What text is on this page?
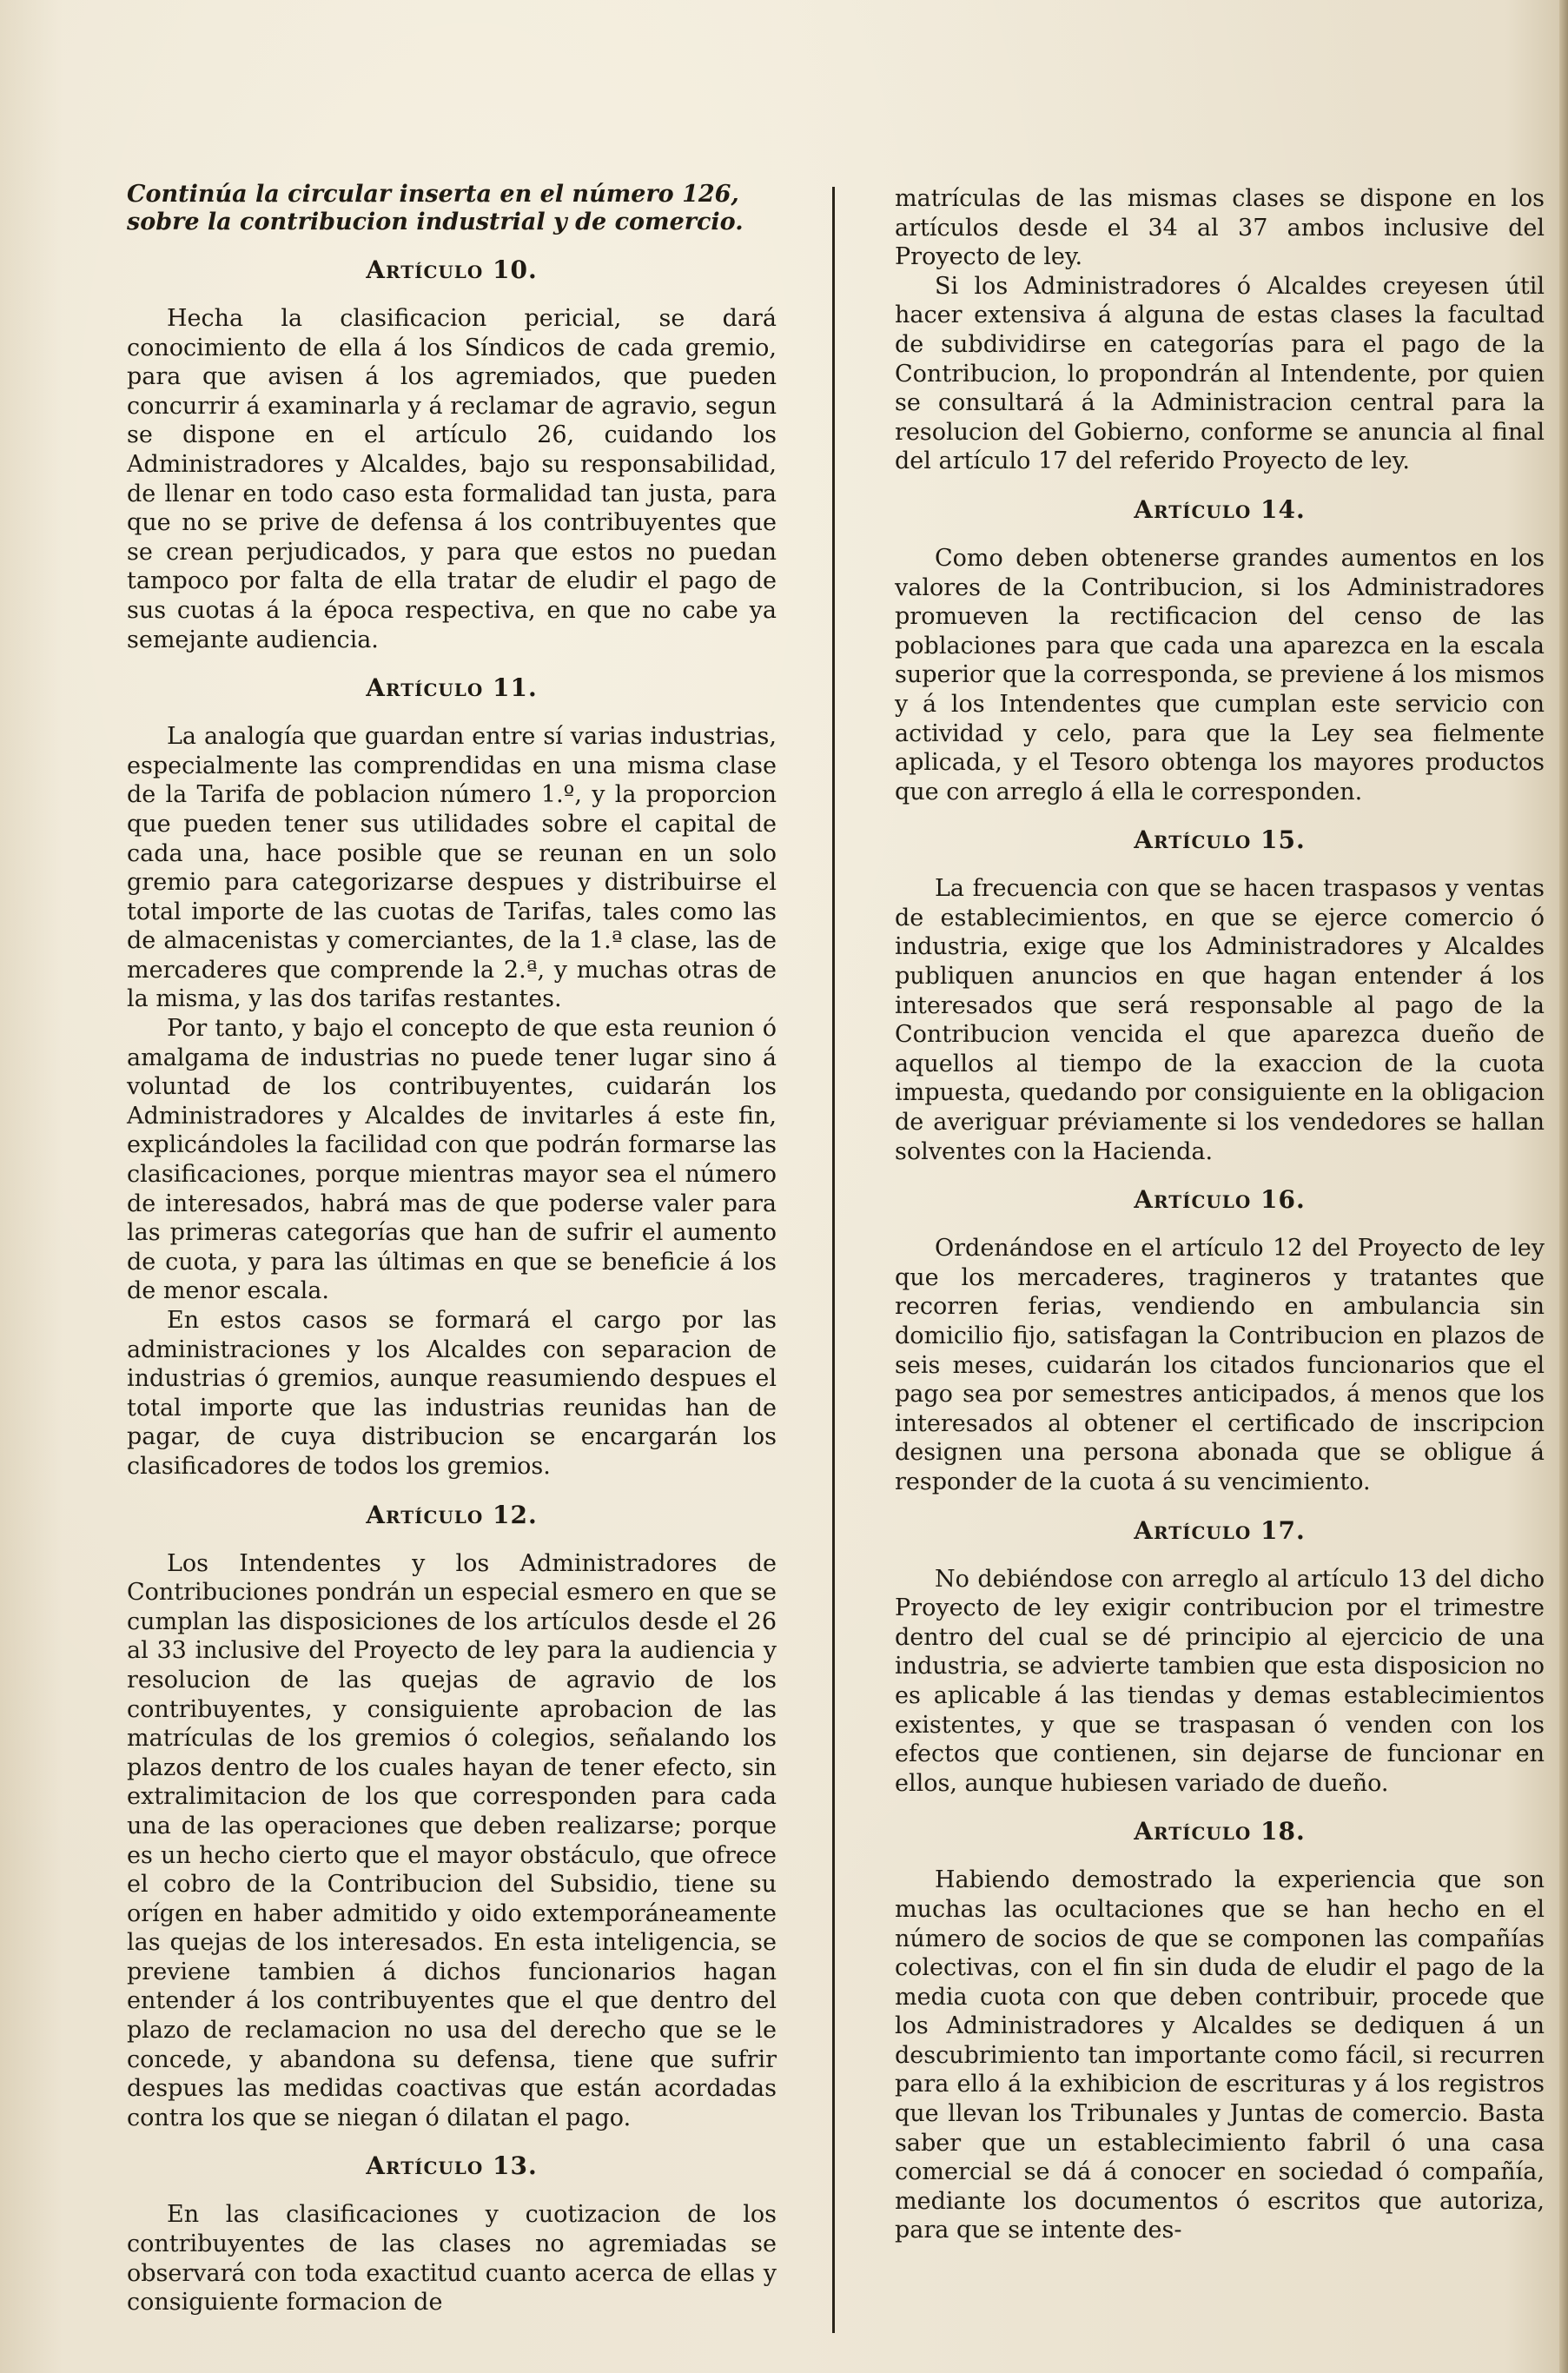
Continúa la circular inserta en el número 126, sobre la contribucion industrial y de comercio.
Artículo 10.

Hecha la clasificacion pericial, se dará conocimiento de ella á los Síndicos de cada gremio, para que avisen á los agremiados, que pueden concurrir á examinarla y á reclamar de agravio, segun se dispone en el artículo 26, cuidando los Administradores y Alcaldes, bajo su responsabilidad, de llenar en todo caso esta formalidad tan justa, para que no se prive de defensa á los contribuyentes que se crean perjudicados, y para que estos no puedan tampoco por falta de ella tratar de eludir el pago de sus cuotas á la época respectiva, en que no cabe ya semejante audiencia.

Artículo 11.

La analogía que guardan entre sí varias industrias, especialmente las comprendidas en una misma clase de la Tarifa de poblacion número 1.º, y la proporcion que pueden tener sus utilidades sobre el capital de cada una, hace posible que se reunan en un solo gremio para categorizarse despues y distribuirse el total importe de las cuotas de Tarifas, tales como las de almacenistas y comerciantes, de la 1.ª clase, las de mercaderes que comprende la 2.ª, y muchas otras de la misma, y las dos tarifas restantes.

Por tanto, y bajo el concepto de que esta reunion ó amalgama de industrias no puede tener lugar sino á voluntad de los contribuyentes, cuidarán los Administradores y Alcaldes de invitarles á este fin, explicándoles la facilidad con que podrán formarse las clasificaciones, porque mientras mayor sea el número de interesados, habrá mas de que poderse valer para las primeras categorías que han de sufrir el aumento de cuota, y para las últimas en que se beneficie á los de menor escala.

En estos casos se formará el cargo por las administraciones y los Alcaldes con separacion de industrias ó gremios, aunque reasumiendo despues el total importe que las industrias reunidas han de pagar, de cuya distribucion se encargarán los clasificadores de todos los gremios.

Artículo 12.

Los Intendentes y los Administradores de Contribuciones pondrán un especial esmero en que se cumplan las disposiciones de los artículos desde el 26 al 33 inclusive del Proyecto de ley para la audiencia y resolucion de las quejas de agravio de los contribuyentes, y consiguiente aprobacion de las matrículas de los gremios ó colegios, señalando los plazos dentro de los cuales hayan de tener efecto, sin extralimitacion de los que corresponden para cada una de las operaciones que deben realizarse; porque es un hecho cierto que el mayor obstáculo, que ofrece el cobro de la Contribucion del Subsidio, tiene su orígen en haber admitido y oido extemporáneamente las quejas de los interesados. En esta inteligencia, se previene tambien á dichos funcionarios hagan entender á los contribuyentes que el que dentro del plazo de reclamacion no usa del derecho que se le concede, y abandona su defensa, tiene que sufrir despues las medidas coactivas que están acordadas contra los que se niegan ó dilatan el pago.

Artículo 13.

En las clasificaciones y cuotizacion de los contribuyentes de las clases no agremiadas se observará con toda exactitud cuanto acerca de ellas y consiguiente formacion de

matrículas de las mismas clases se dispone en los artículos desde el 34 al 37 ambos inclusive del Proyecto de ley.

Si los Administradores ó Alcaldes creyesen útil hacer extensiva á alguna de estas clases la facultad de subdividirse en categorías para el pago de la Contribucion, lo propondrán al Intendente, por quien se consultará á la Administracion central para la resolucion del Gobierno, conforme se anuncia al final del artículo 17 del referido Proyecto de ley.

Artículo 14.

Como deben obtenerse grandes aumentos en los valores de la Contribucion, si los Administradores promueven la rectificacion del censo de las poblaciones para que cada una aparezca en la escala superior que la corresponda, se previene á los mismos y á los Intendentes que cumplan este servicio con actividad y celo, para que la Ley sea fielmente aplicada, y el Tesoro obtenga los mayores productos que con arreglo á ella le corresponden.

Artículo 15.

La frecuencia con que se hacen traspasos y ventas de establecimientos, en que se ejerce comercio ó industria, exige que los Administradores y Alcaldes publiquen anuncios en que hagan entender á los interesados que será responsable al pago de la Contribucion vencida el que aparezca dueño de aquellos al tiempo de la exaccion de la cuota impuesta, quedando por consiguiente en la obligacion de averiguar préviamente si los vendedores se hallan solventes con la Hacienda.

Artículo 16.

Ordenándose en el artículo 12 del Proyecto de ley que los mercaderes, tragineros y tratantes que recorren ferias, vendiendo en ambulancia sin domicilio fijo, satisfagan la Contribucion en plazos de seis meses, cuidarán los citados funcionarios que el pago sea por semestres anticipados, á menos que los interesados al obtener el certificado de inscripcion designen una persona abonada que se obligue á responder de la cuota á su vencimiento.

Artículo 17.

No debiéndose con arreglo al artículo 13 del dicho Proyecto de ley exigir contribucion por el trimestre dentro del cual se dé principio al ejercicio de una industria, se advierte tambien que esta disposicion no es aplicable á las tiendas y demas establecimientos existentes, y que se traspasan ó venden con los efectos que contienen, sin dejarse de funcionar en ellos, aunque hubiesen variado de dueño.

Artículo 18.

Habiendo demostrado la experiencia que son muchas las ocultaciones que se han hecho en el número de socios de que se componen las compañías colectivas, con el fin sin duda de eludir el pago de la media cuota con que deben contribuir, procede que los Administradores y Alcaldes se dediquen á un descubrimiento tan importante como fácil, si recurren para ello á la exhibicion de escrituras y á los registros que llevan los Tribunales y Juntas de comercio. Basta saber que un establecimiento fabril ó una casa comercial se dá á conocer en sociedad ó compañía, mediante los documentos ó escritos que autoriza, para que se intente des-
